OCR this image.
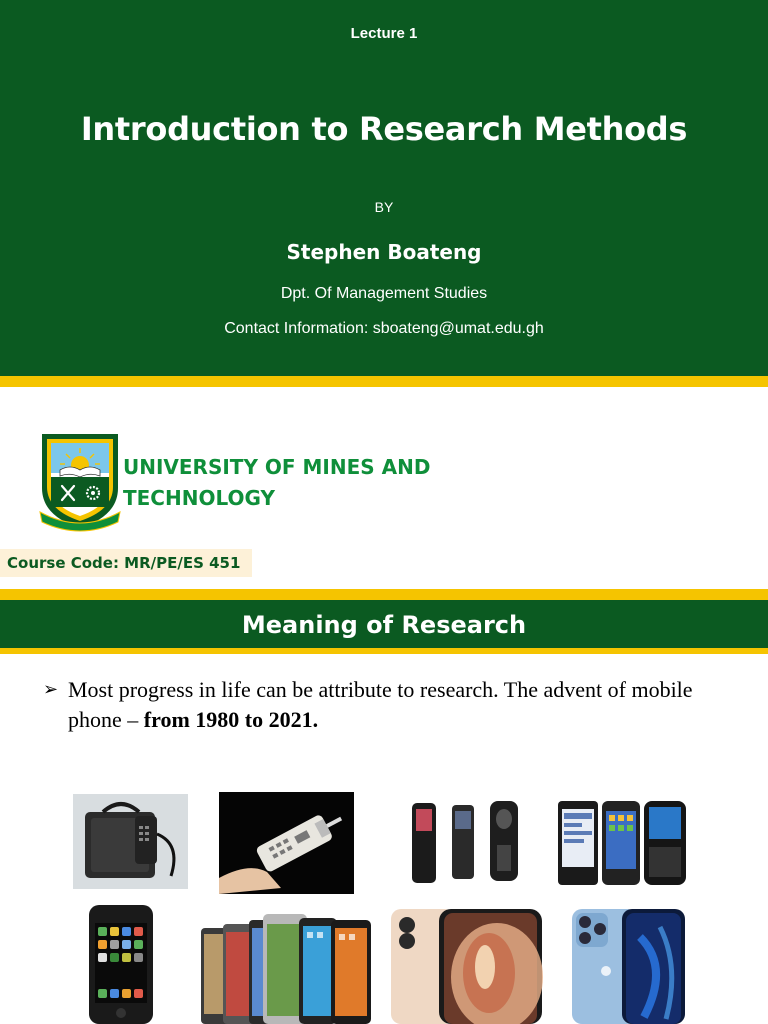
Lecture 1
Introduction to Research Methods
BY
Stephen Boateng
Dpt. Of Management Studies
Contact Information: sboateng@umat.edu.gh
UNIVERSITY OF MINES AND
TECHNOLOGY
Course Code: MR/PE/ES 451
Meaning of Research
➢ Most progress in life can be attribute to research. The advent of mobile phone – from 1980 to 2021.
